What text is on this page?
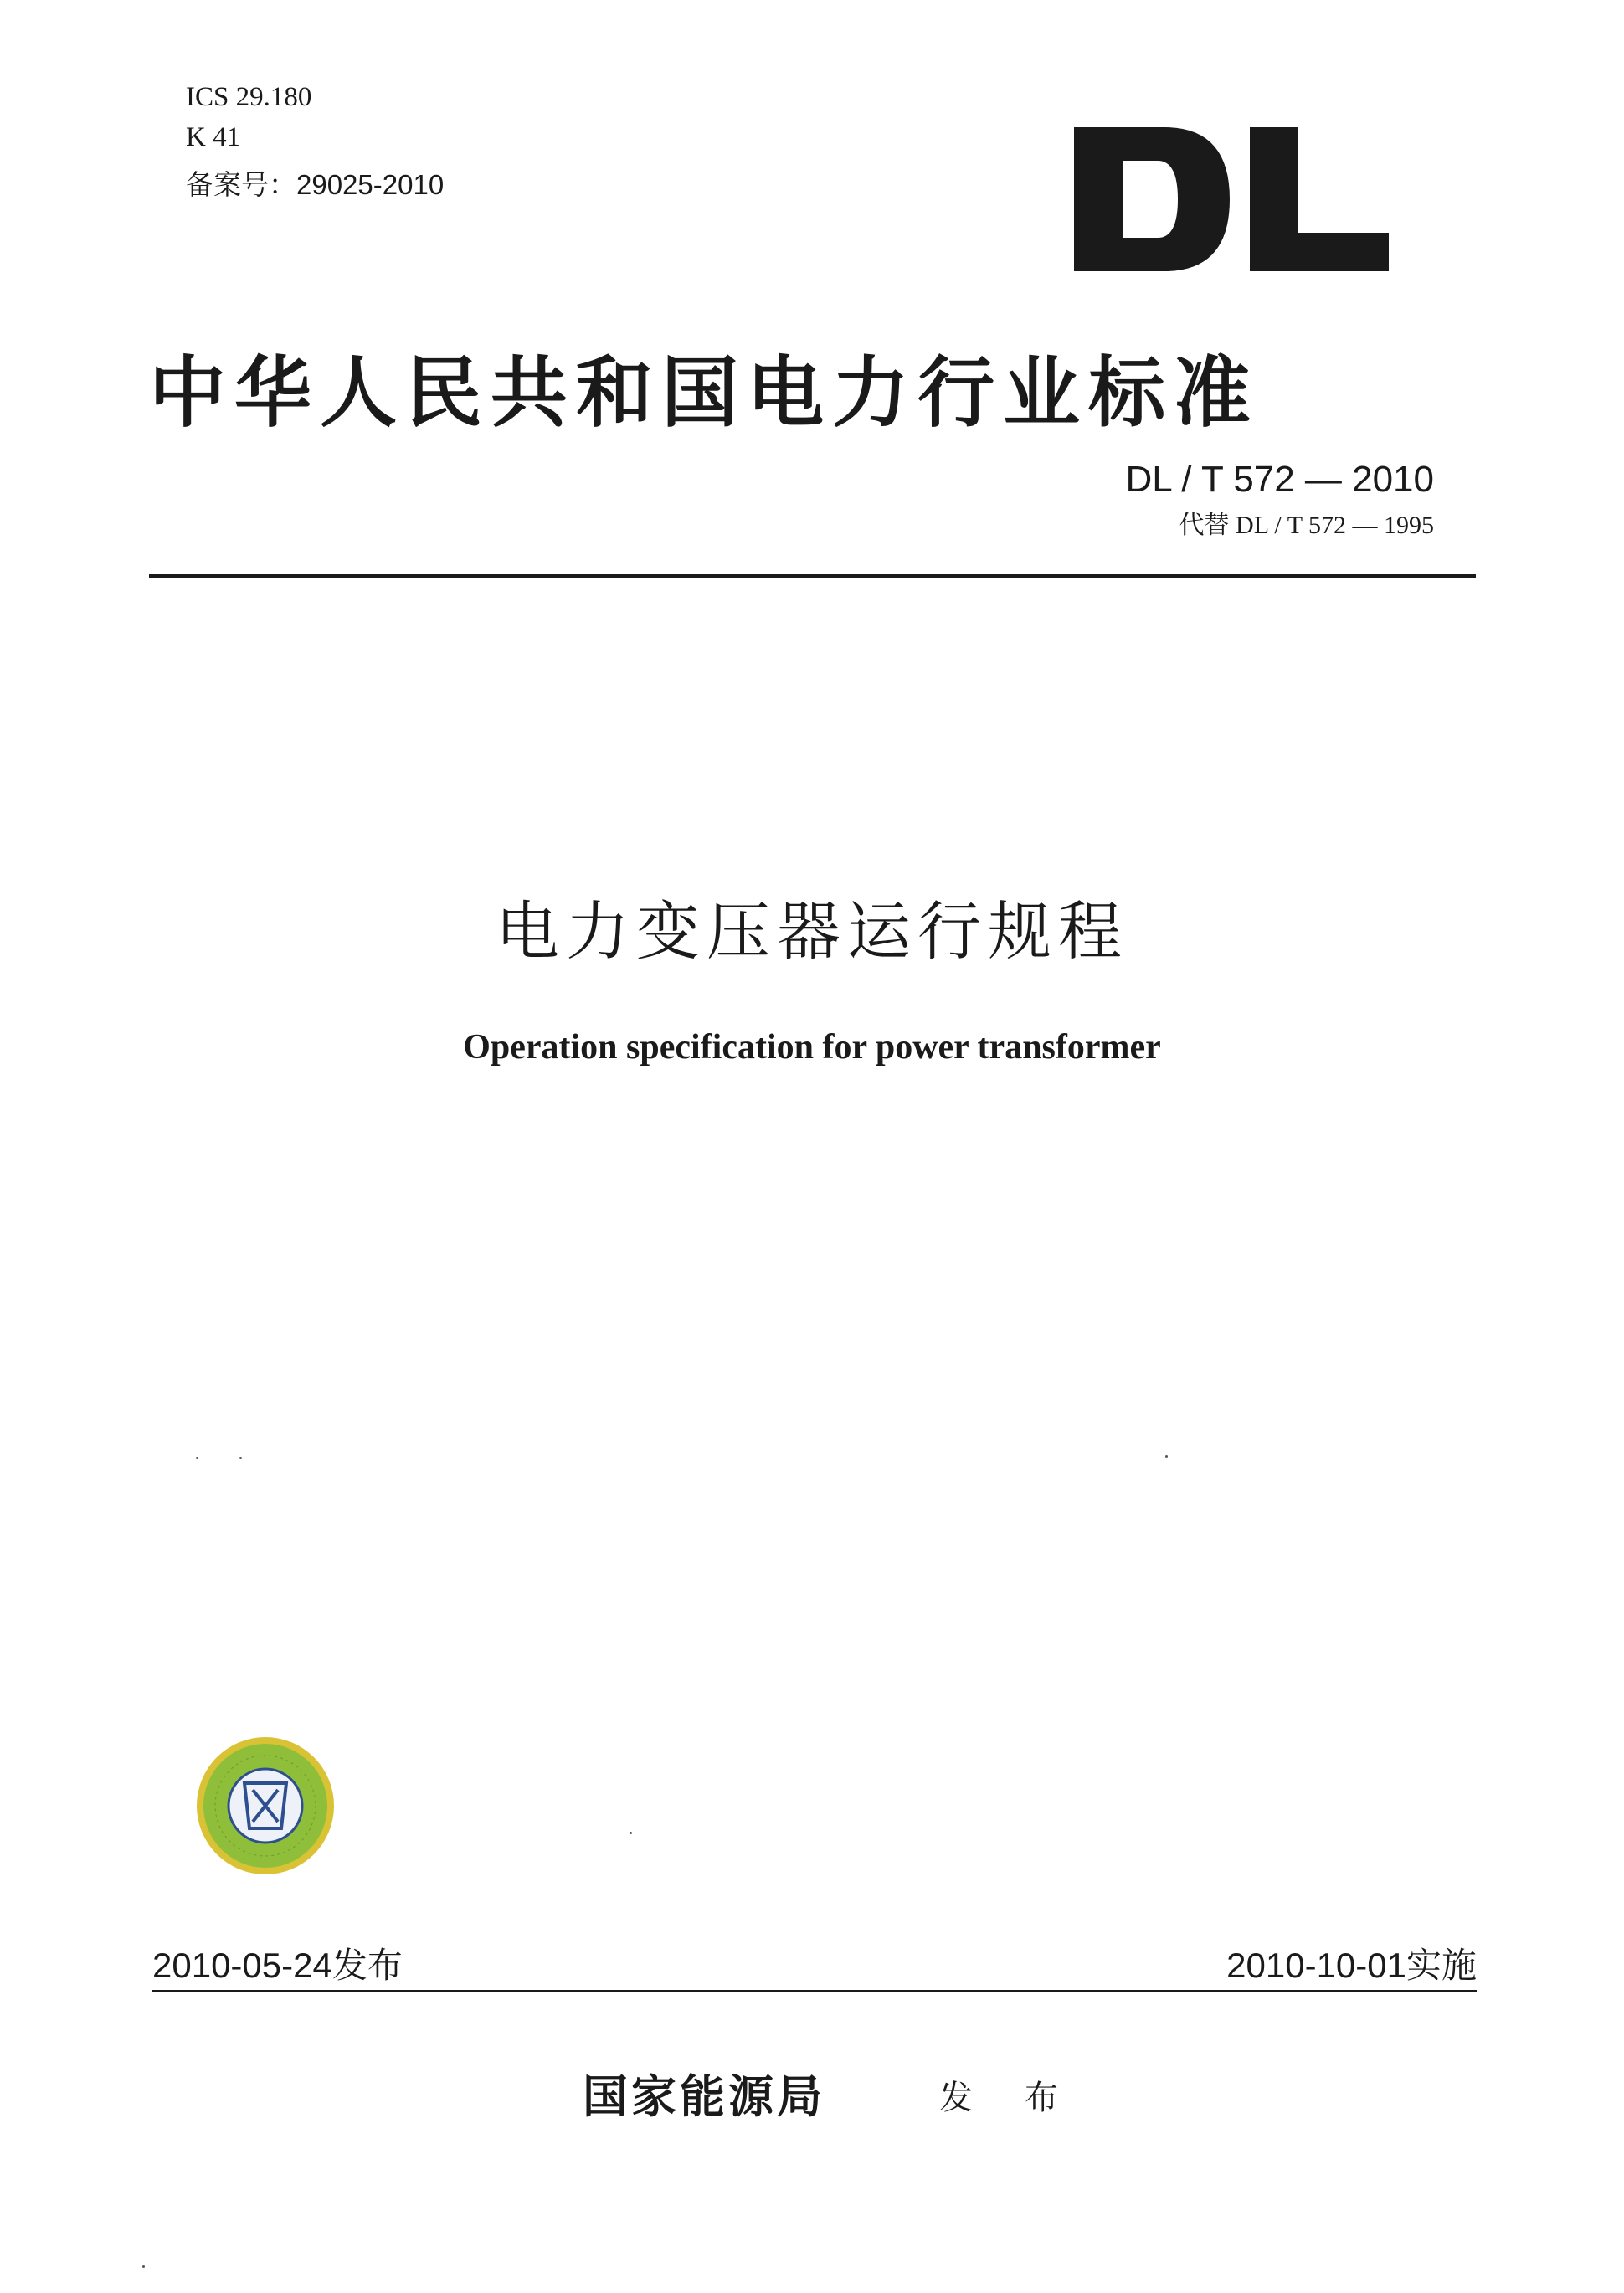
ICS 29.180
K 41
备案号：29025-2010
中华人民共和国电力行业标准
DL / T 572 — 2010
代替 DL / T 572 — 1995
电力变压器运行规程
Operation specification for power transformer
2010-05-24发布	2010-10-01实施
国家能源局	发 布
